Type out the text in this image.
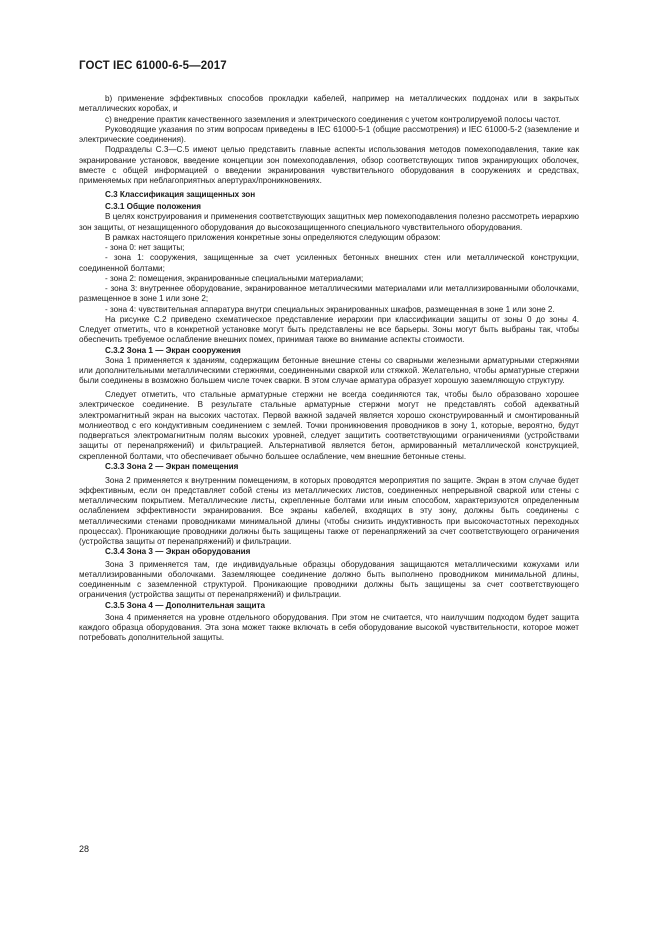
ГОСТ IEC 61000-6-5—2017

b) применение эффективных способов прокладки кабелей, например на металлических поддонах или в закрытых металлических коробах, и

c) внедрение практик качественного заземления и электрического соединения с учетом контролируемой полосы частот.

Руководящие указания по этим вопросам приведены в IEC 61000-5-1 (общие рассмотрения) и IEC 61000-5-2 (заземление и электрические соединения).

Подразделы С.3—С.5 имеют целью представить главные аспекты использования методов помехоподавления, такие как экранирование установок, введение концепции зон помехоподавления, обзор соответствующих типов экранирующих оболочек, вместе с общей информацией о введении экранирования чувствительного оборудования в сооружениях и средствах, применяемых при неблагоприятных апертурах/проникновениях.

С.3 Классификация защищенных зон

С.3.1 Общие положения

В целях конструирования и применения соответствующих защитных мер помехоподавления полезно рассмотреть иерархию зон защиты, от незащищенного оборудования до высокозащищенного специального чувствительного оборудования.

В рамках настоящего приложения конкретные зоны определяются следующим образом:

- зона 0: нет защиты;

- зона 1: сооружения, защищенные за счет усиленных бетонных внешних стен или металлической конструкции, соединенной болтами;

- зона 2: помещения, экранированные специальными материалами;

- зона 3: внутреннее оборудование, экранированное металлическими материалами или металлизированными оболочками, размещенное в зоне 1 или зоне 2;

- зона 4: чувствительная аппаратура внутри специальных экранированных шкафов, размещенная в зоне 1 или зоне 2.

На рисунке С.2 приведено схематическое представление иерархии при классификации защиты от зоны 0 до зоны 4. Следует отметить, что в конкретной установке могут быть представлены не все барьеры. Зоны могут быть выбраны так, чтобы обеспечить требуемое ослабление внешних помех, принимая также во внимание аспекты стоимости.

С.3.2 Зона 1 — Экран сооружения

Зона 1 применяется к зданиям, содержащим бетонные внешние стены со сварными железными арматурными стержнями или дополнительными металлическими стержнями, соединенными сваркой или стяжкой. Желательно, чтобы арматурные стержни были соединены в возможно большем числе точек сварки. В этом случае арматура образует хорошую заземляющую структуру.

Следует отметить, что стальные арматурные стержни не всегда соединяются так, чтобы было образовано хорошее электрическое соединение. В результате стальные арматурные стержни могут не представлять собой адекватный электромагнитный экран на высоких частотах. Первой важной задачей является хорошо сконструированный и смонтированный молниеотвод с его кондуктивным соединением с землей. Точки проникновения проводников в зону 1, которые, вероятно, будут подвергаться электромагнитным полям высоких уровней, следует защитить соответствующими ограничениями (устройствами защиты от перенапряжений) и фильтрацией. Альтернативой является бетон, армированный металлической конструкцией, скрепленной болтами, что обеспечивает обычно большее ослабление, чем внешние бетонные стены.

С.3.3 Зона 2 — Экран помещения

Зона 2 применяется к внутренним помещениям, в которых проводятся мероприятия по защите. Экран в этом случае будет эффективным, если он представляет собой стены из металлических листов, соединенных непрерывной сваркой или стены с металлическим покрытием. Металлические листы, скрепленные болтами или иным способом, характеризуются определенным ослаблением эффективности экранирования. Все экраны кабелей, входящих в эту зону, должны быть соединены с металлическими стенами проводниками минимальной длины (чтобы снизить индуктивность при высокочастотных переходных процессах). Проникающие проводники должны быть защищены также от перенапряжений за счет соответствующего ограничения (устройства защиты от перенапряжений) и фильтрации.

С.3.4 Зона 3 — Экран оборудования

Зона 3 применяется там, где индивидуальные образцы оборудования защищаются металлическими кожухами или металлизированными оболочками. Заземляющее соединение должно быть выполнено проводником минимальной длины, соединенным с заземленной структурой. Проникающие проводники должны быть защищены за счет соответствующего ограничения (устройства защиты от перенапряжений) и фильтрации.

С.3.5 Зона 4 — Дополнительная защита

Зона 4 применяется на уровне отдельного оборудования. При этом не считается, что наилучшим подходом будет защита каждого образца оборудования. Эта зона может также включать в себя оборудование высокой чувствительности, которое может потребовать дополнительной защиты.

28
